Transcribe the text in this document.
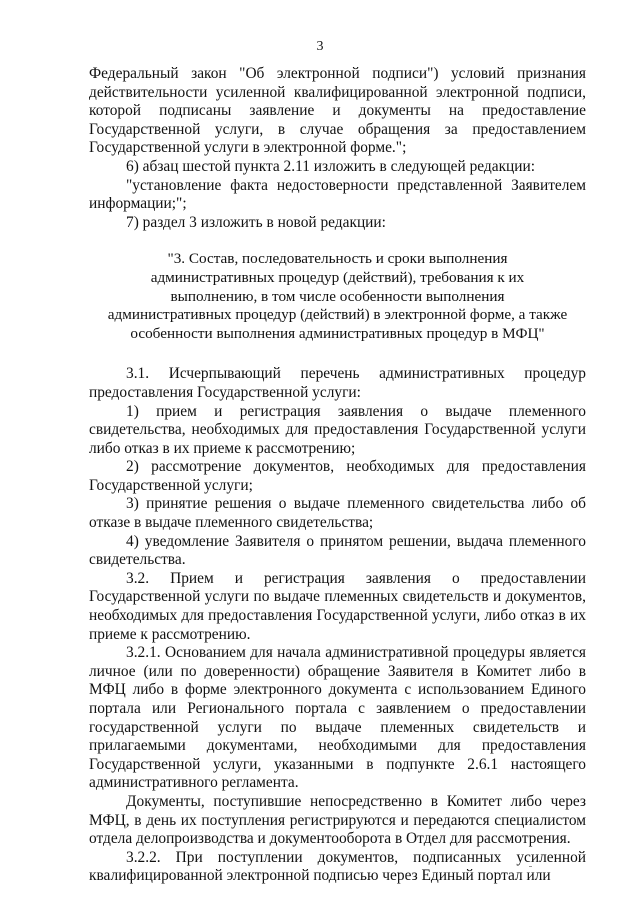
3

Федеральный закон "Об электронной подписи") условий признания действительности усиленной квалифицированной электронной подписи, которой подписаны заявление и документы на предоставление Государственной услуги, в случае обращения за предоставлением Государственной услуги в электронной форме.";

6) абзац шестой пункта 2.11 изложить в следующей редакции:

"установление факта недостоверности представленной Заявителем информации;";

7) раздел 3 изложить в новой редакции:

"3. Состав, последовательность и сроки выполнения административных процедур (действий), требования к их выполнению, в том числе особенности выполнения административных процедур (действий) в электронной форме, а также особенности выполнения административных процедур в МФЦ"

3.1. Исчерпывающий перечень административных процедур предоставления Государственной услуги:

1) прием и регистрация заявления о выдаче племенного свидетельства, необходимых для предоставления Государственной услуги либо отказ в их приеме к рассмотрению;

2) рассмотрение документов, необходимых для предоставления Государственной услуги;

3) принятие решения о выдаче племенного свидетельства либо об отказе в выдаче племенного свидетельства;

4) уведомление Заявителя о принятом решении, выдача племенного свидетельства.

3.2. Прием и регистрация заявления о предоставлении Государственной услуги по выдаче племенных свидетельств и документов, необходимых для предоставления Государственной услуги, либо отказ в их приеме к рассмотрению.

3.2.1. Основанием для начала административной процедуры является личное (или по доверенности) обращение Заявителя в Комитет либо в МФЦ либо в форме электронного документа с использованием Единого портала или Регионального портала с заявлением о предоставлении государственной услуги по выдаче племенных свидетельств и прилагаемыми документами, необходимыми для предоставления Государственной услуги, указанными в подпункте 2.6.1 настоящего административного регламента.

Документы, поступившие непосредственно в Комитет либо через МФЦ, в день их поступления регистрируются и передаются специалистом отдела делопроизводства и документооборота в Отдел для рассмотрения.

3.2.2. При поступлении документов, подписанных усиленной квалифицированной электронной подписью через Единый портал или
